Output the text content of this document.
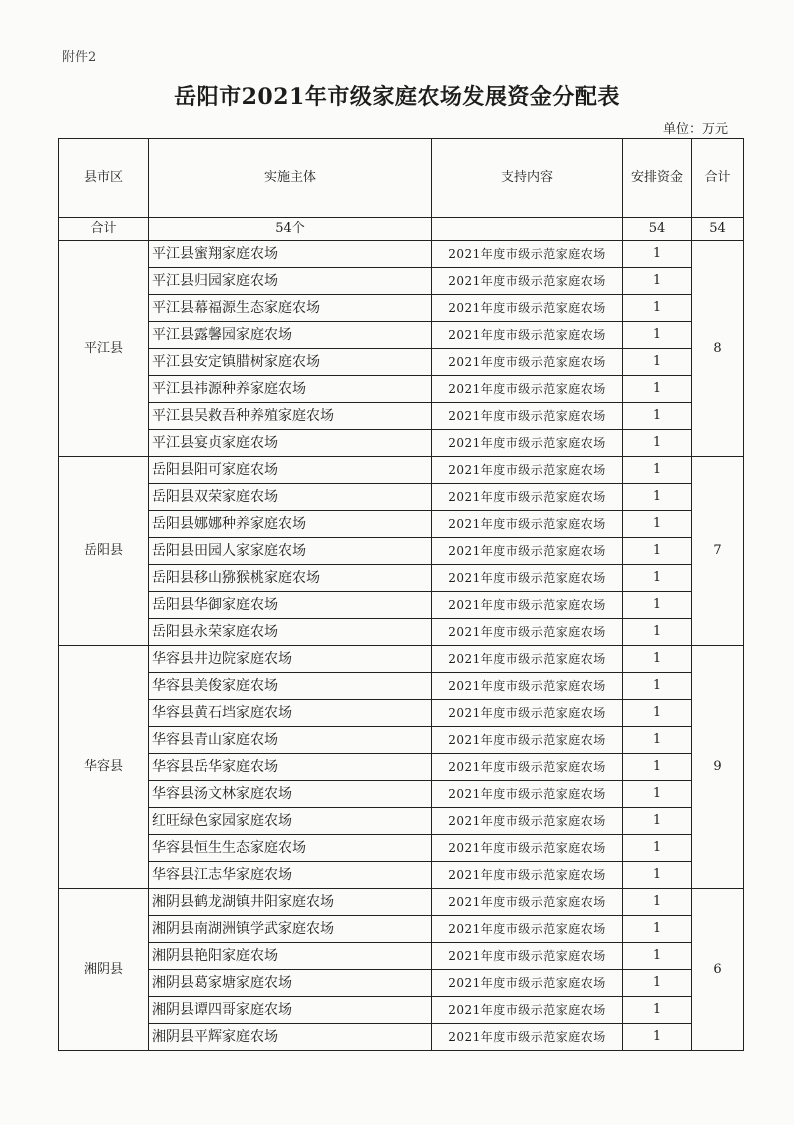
附件2
岳阳市2021年市级家庭农场发展资金分配表
单位：万元
县市区	实施主体	支持内容	安排资金	合计
合计	54个		54	54
平江县	平江县蜜翔家庭农场	2021年度市级示范家庭农场	1	8
	平江县归园家庭农场	2021年度市级示范家庭农场	1	
	平江县幕福源生态家庭农场	2021年度市级示范家庭农场	1	
	平江县露馨园家庭农场	2021年度市级示范家庭农场	1	
	平江县安定镇腊树家庭农场	2021年度市级示范家庭农场	1	
	平江县祎源种养家庭农场	2021年度市级示范家庭农场	1	
	平江县吴救吾种养殖家庭农场	2021年度市级示范家庭农场	1	
	平江县宴贞家庭农场	2021年度市级示范家庭农场	1	
岳阳县	岳阳县阳可家庭农场	2021年度市级示范家庭农场	1	7
	岳阳县双荣家庭农场	2021年度市级示范家庭农场	1	
	岳阳县娜娜种养家庭农场	2021年度市级示范家庭农场	1	
	岳阳县田园人家家庭农场	2021年度市级示范家庭农场	1	
	岳阳县移山猕猴桃家庭农场	2021年度市级示范家庭农场	1	
	岳阳县华御家庭农场	2021年度市级示范家庭农场	1	
	岳阳县永荣家庭农场	2021年度市级示范家庭农场	1	
华容县	华容县井边院家庭农场	2021年度市级示范家庭农场	1	9
	华容县美俊家庭农场	2021年度市级示范家庭农场	1	
	华容县黄石垱家庭农场	2021年度市级示范家庭农场	1	
	华容县青山家庭农场	2021年度市级示范家庭农场	1	
	华容县岳华家庭农场	2021年度市级示范家庭农场	1	
	华容县汤文林家庭农场	2021年度市级示范家庭农场	1	
	红旺绿色家园家庭农场	2021年度市级示范家庭农场	1	
	华容县恒生生态家庭农场	2021年度市级示范家庭农场	1	
	华容县江志华家庭农场	2021年度市级示范家庭农场	1	
湘阴县	湘阴县鹤龙湖镇井阳家庭农场	2021年度市级示范家庭农场	1	6
	湘阴县南湖洲镇学武家庭农场	2021年度市级示范家庭农场	1	
	湘阴县艳阳家庭农场	2021年度市级示范家庭农场	1	
	湘阴县葛家塘家庭农场	2021年度市级示范家庭农场	1	
	湘阴县谭四哥家庭农场	2021年度市级示范家庭农场	1	
	湘阴县平辉家庭农场	2021年度市级示范家庭农场	1	
